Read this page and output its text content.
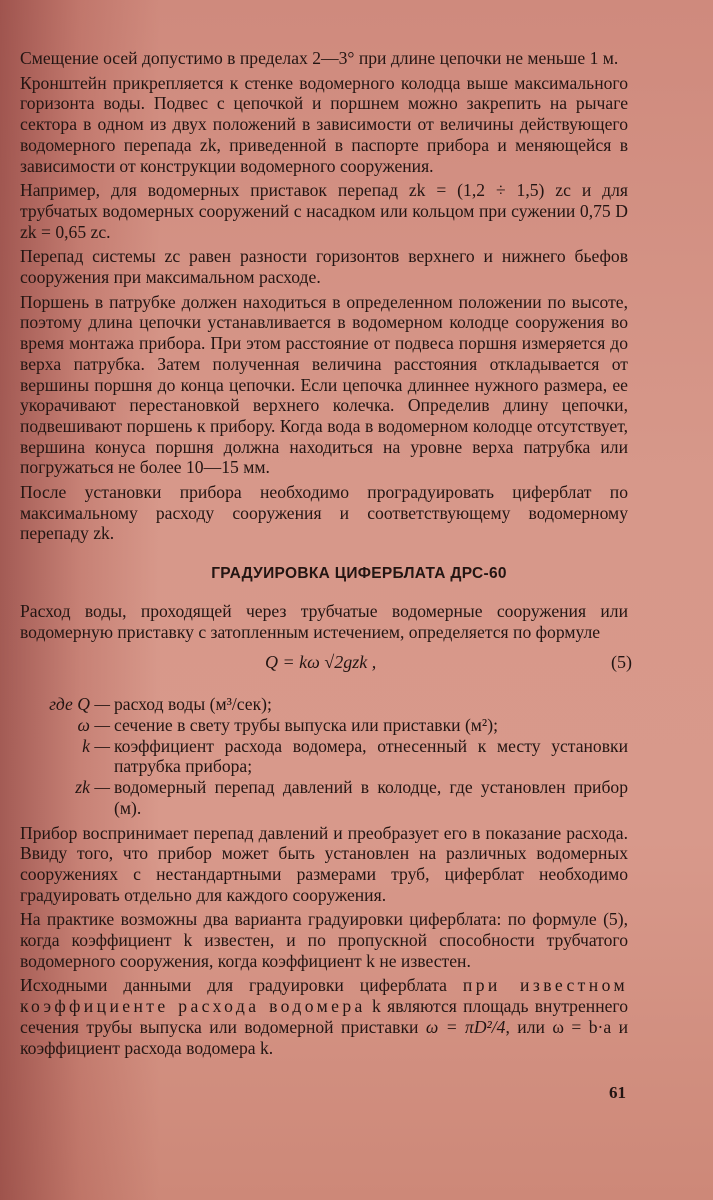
Смещение осей допустимо в пределах 2—3° при длине цепочки не меньше 1 м.

Кронштейн прикрепляется к стенке водомерного колодца выше максимального горизонта воды. Подвес с цепочкой и поршнем можно закрепить на рычаге сектора в одном из двух положений в зависимости от величины действующего водомерного перепада zk, приведенной в паспорте прибора и меняющейся в зависимости от конструкции водомерного сооружения.

Например, для водомерных приставок перепад zk = (1,2 ÷ 1,5) zc и для трубчатых водомерных сооружений с насадком или кольцом при сужении 0,75 D zk = 0,65 zc.

Перепад системы zc равен разности горизонтов верхнего и нижнего бьефов сооружения при максимальном расходе.

Поршень в патрубке должен находиться в определенном положении по высоте, поэтому длина цепочки устанавливается в водомерном колодце сооружения во время монтажа прибора. При этом расстояние от подвеса поршня измеряется до верха патрубка. Затем полученная величина расстояния откладывается от вершины поршня до конца цепочки. Если цепочка длиннее нужного размера, ее укорачивают перестановкой верхнего колечка. Определив длину цепочки, подвешивают поршень к прибору. Когда вода в водомерном колодце отсутствует, вершина конуса поршня должна находиться на уровне верха патрубка или погружаться не более 10—15 мм.

После установки прибора необходимо проградуировать циферблат по максимальному расходу сооружения и соответствующему водомерному перепаду zk.

ГРАДУИРОВКА ЦИФЕРБЛАТА ДРС-60

Расход воды, проходящей через трубчатые водомерные сооружения или водомерную приставку с затопленным истечением, определяется по формуле

Q = kω √2gzk ,	(5)
где Q — расход воды (м³/сек);
ω — сечение в свету трубы выпуска или приставки (м²);
k — коэффициент расхода водомера, отнесенный к месту установки патрубка прибора;
zk — водомерный перепад давлений в колодце, где установлен прибор (м).

Прибор воспринимает перепад давлений и преобразует его в показание расхода. Ввиду того, что прибор может быть установлен на различных водомерных сооружениях с нестандартными размерами труб, циферблат необходимо градуировать отдельно для каждого сооружения.

На практике возможны два варианта градуировки циферблата: по формуле (5), когда коэффициент k известен, и по пропускной способности трубчатого водомерного сооружения, когда коэффициент k не известен.

Исходными данными для градуировки циферблата при известном коэффициенте расхода водомера k являются площадь внутреннего сечения трубы выпуска или водомерной приставки ω = πD²/4, или ω = b·a и коэффициент расхода водомера k.

61
